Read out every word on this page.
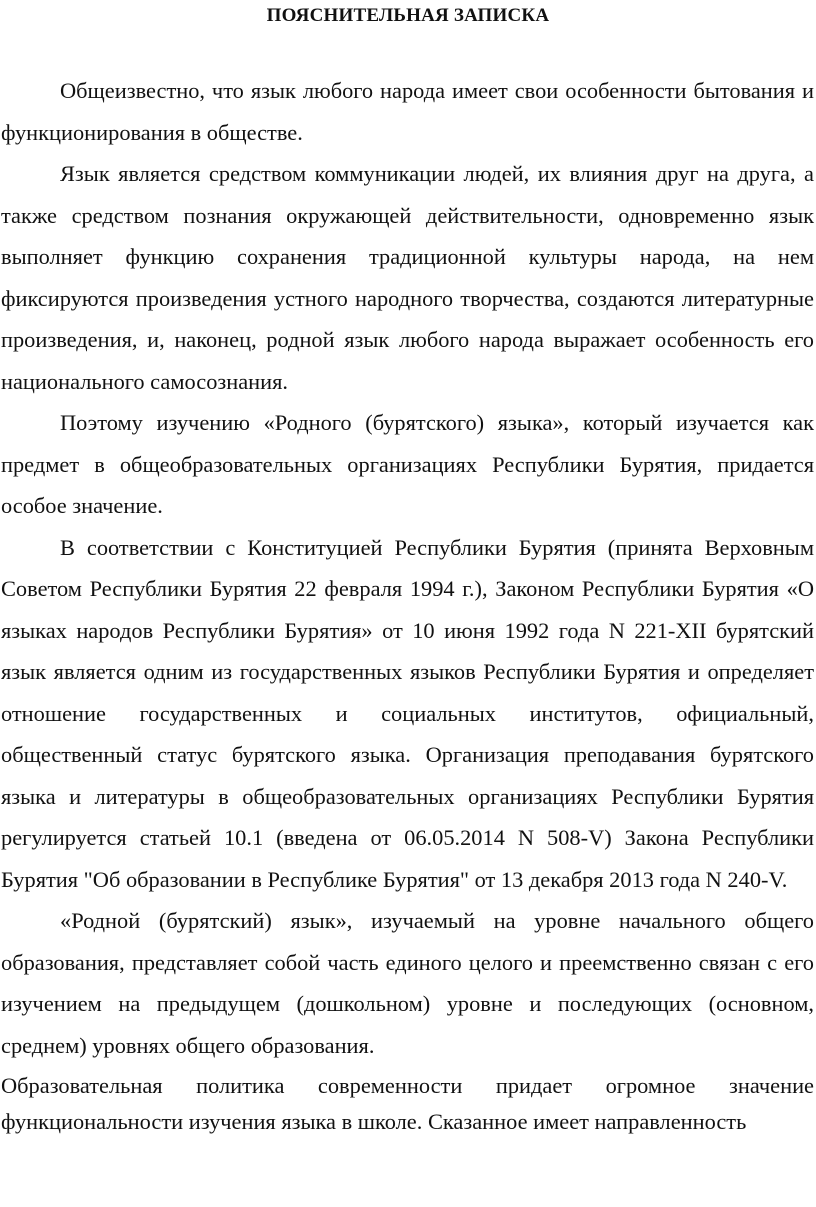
ПОЯСНИТЕЛЬНАЯ ЗАПИСКА

Общеизвестно, что язык любого народа имеет свои особенности бытования и функционирования в обществе.

Язык является средством коммуникации людей, их влияния друг на друга, а также средством познания окружающей действительности, одновременно язык выполняет функцию сохранения традиционной культуры народа, на нем фиксируются произведения устного народного творчества, создаются литературные произведения, и, наконец, родной язык любого народа выражает особенность его национального самосознания.

Поэтому изучению «Родного (бурятского) языка», который изучается как предмет в общеобразовательных организациях Республики Бурятия, придается особое значение.

В соответствии с Конституцией Республики Бурятия (принята Верховным Советом Республики Бурятия 22 февраля 1994 г.), Законом Республики Бурятия «О языках народов Республики Бурятия» от 10 июня 1992 года N 221-XII бурятский язык является одним из государственных языков Республики Бурятия и определяет отношение государственных и социальных институтов, официальный, общественный статус бурятского языка. Организация преподавания бурятского языка и литературы в общеобразовательных организациях Республики Бурятия регулируется статьей 10.1 (введена от 06.05.2014 N 508-V) Закона Республики Бурятия "Об образовании в Республике Бурятия" от 13 декабря 2013 года N 240-V.

«Родной (бурятский) язык», изучаемый на уровне начального общего образования, представляет собой часть единого целого и преемственно связан с его изучением на предыдущем (дошкольном) уровне и последующих (основном, среднем) уровнях общего образования.

Образовательная политика современности придает огромное значение функциональности изучения языка в школе. Сказанное имеет направленность
